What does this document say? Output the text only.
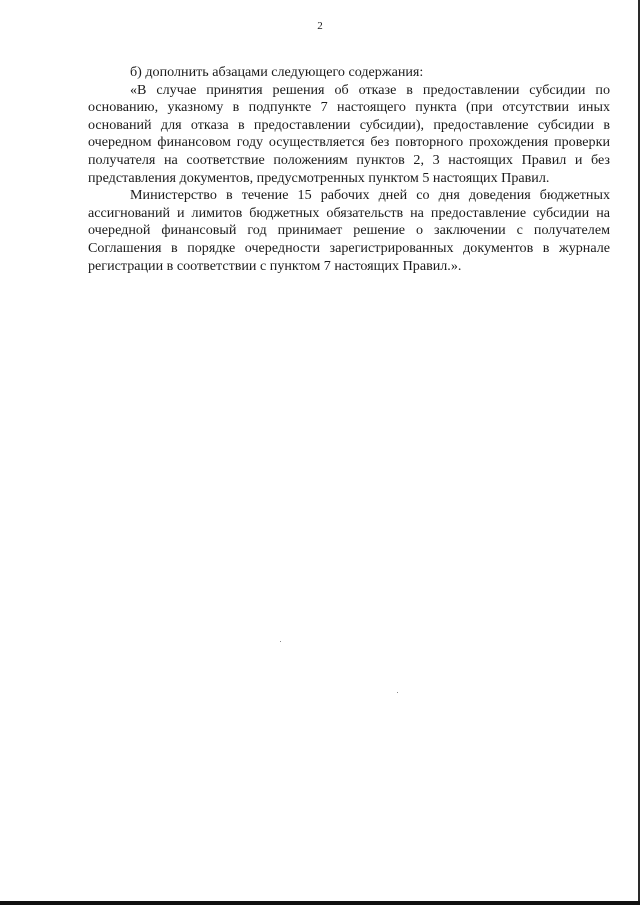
2

б) дополнить абзацами следующего содержания:

«В случае принятия решения об отказе в предоставлении субсидии по основанию, указному в подпункте 7 настоящего пункта (при отсутствии иных оснований для отказа в предоставлении субсидии), предоставление субсидии в очередном финансовом году осуществляется без повторного прохождения проверки получателя на соответствие положениям пунктов 2, 3 настоящих Правил и без представления документов, предусмотренных пунктом 5 настоящих Правил.

Министерство в течение 15 рабочих дней со дня доведения бюджетных ассигнований и лимитов бюджетных обязательств на предоставление субсидии на очередной финансовый год принимает решение о заключении с получателем Соглашения в порядке очередности зарегистрированных документов в журнале регистрации в соответствии с пунктом 7 настоящих Правил.».
